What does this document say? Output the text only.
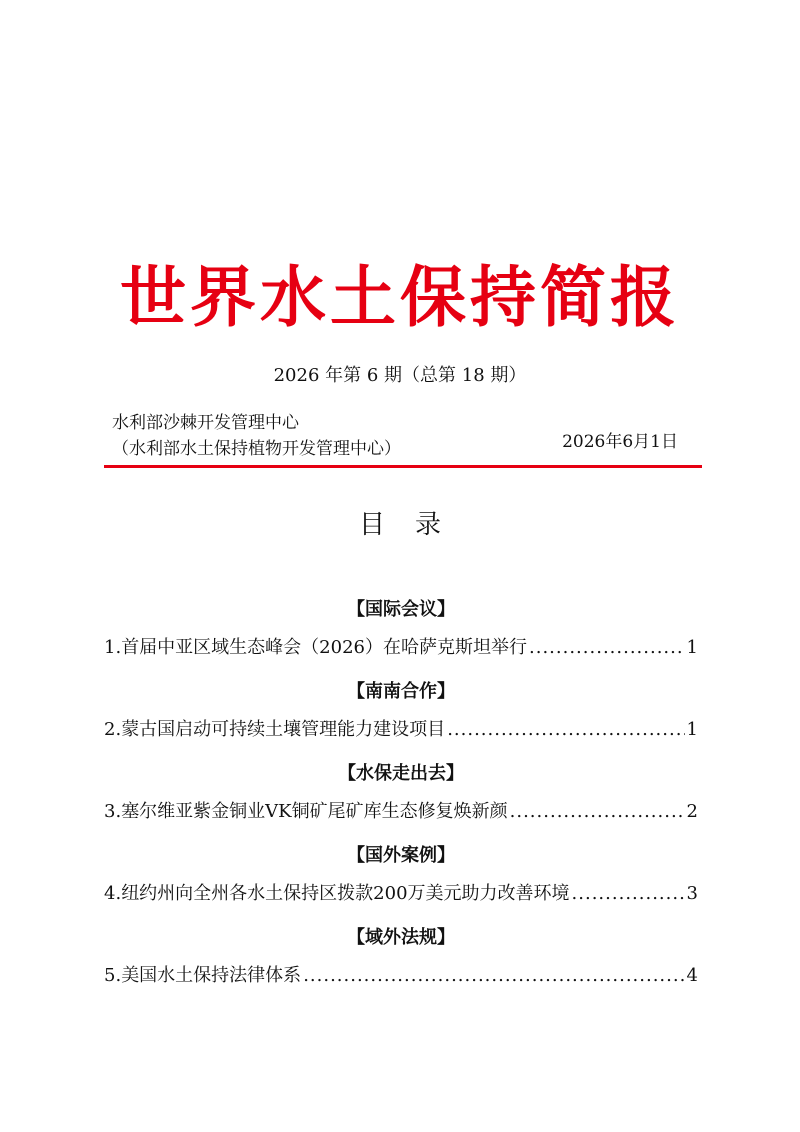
世界水土保持简报
2026 年第 6 期（总第 18 期）
水利部沙棘开发管理中心
（水利部水土保持植物开发管理中心）	2026年6月1日
目录
【国际会议】
1. 首届中亚区域生态峰会（2026）在哈萨克斯坦举行 .....	1
【南南合作】
2. 蒙古国启动可持续土壤管理能力建设项目 .....	1
【水保走出去】
3. 塞尔维亚紫金铜业VK铜矿尾矿库生态修复焕新颜 .....	2
【国外案例】
4. 纽约州向全州各水土保持区拨款200万美元助力改善环境 .....	3
【域外法规】
5. 美国水土保持法律体系 .....	4
